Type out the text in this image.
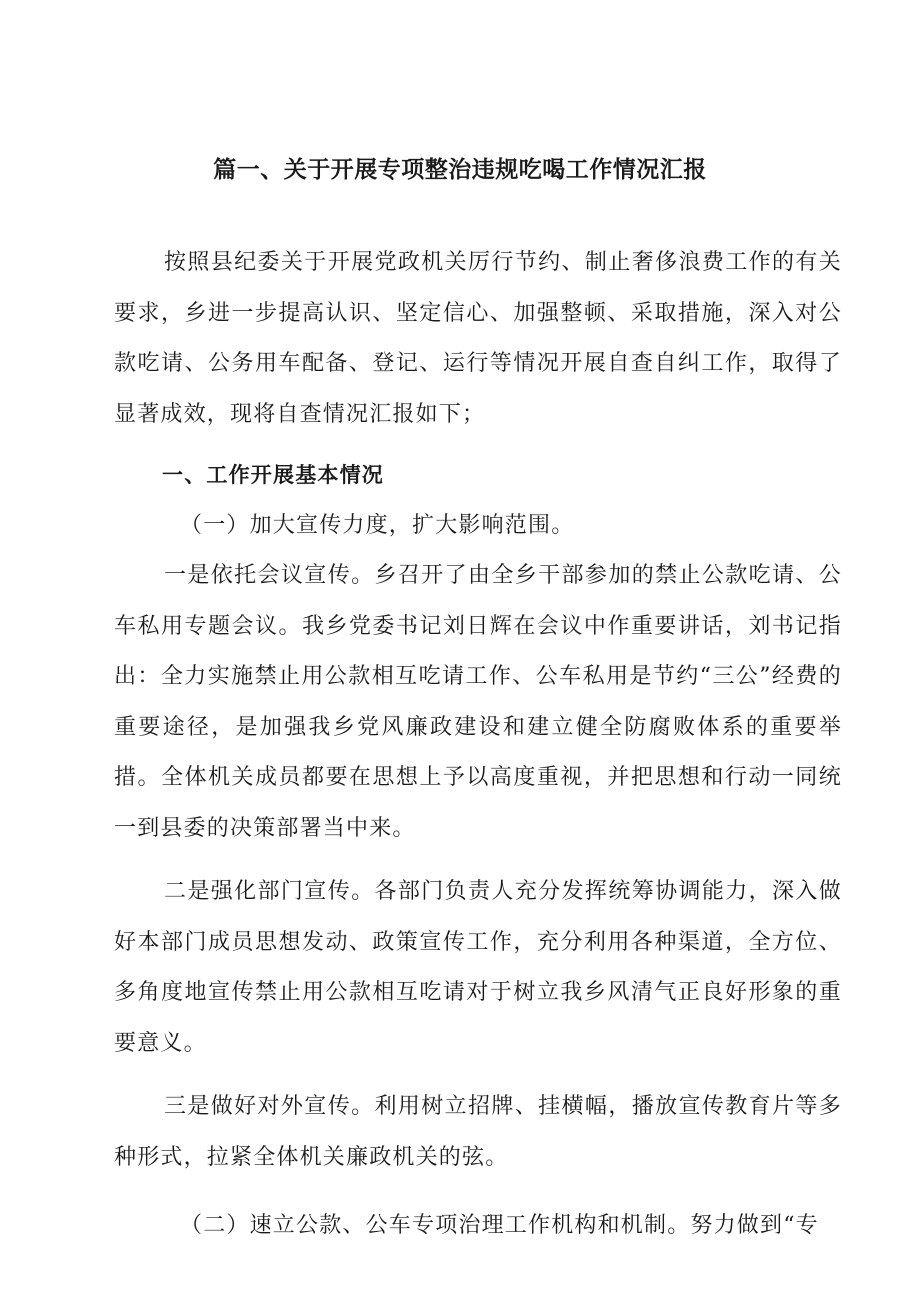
篇一、关于开展专项整治违规吃喝工作情况汇报

按照县纪委关于开展党政机关厉行节约、制止奢侈浪费工作的有关要求，乡进一步提高认识、坚定信心、加强整顿、采取措施，深入对公款吃请、公务用车配备、登记、运行等情况开展自查自纠工作，取得了显著成效，现将自查情况汇报如下；

一、工作开展基本情况

（一）加大宣传力度，扩大影响范围。

一是依托会议宣传。乡召开了由全乡干部参加的禁止公款吃请、公车私用专题会议。我乡党委书记刘日辉在会议中作重要讲话，刘书记指出：全力实施禁止用公款相互吃请工作、公车私用是节约“三公”经费的重要途径，是加强我乡党风廉政建设和建立健全防腐败体系的重要举措。全体机关成员都要在思想上予以高度重视，并把思想和行动一同统一到县委的决策部署当中来。

二是强化部门宣传。各部门负责人充分发挥统筹协调能力，深入做好本部门成员思想发动、政策宣传工作，充分利用各种渠道，全方位、多角度地宣传禁止用公款相互吃请对于树立我乡风清气正良好形象的重要意义。

三是做好对外宣传。利用树立招牌、挂横幅，播放宣传教育片等多种形式，拉紧全体机关廉政机关的弦。

（二）速立公款、公车专项治理工作机构和机制。努力做到“专
